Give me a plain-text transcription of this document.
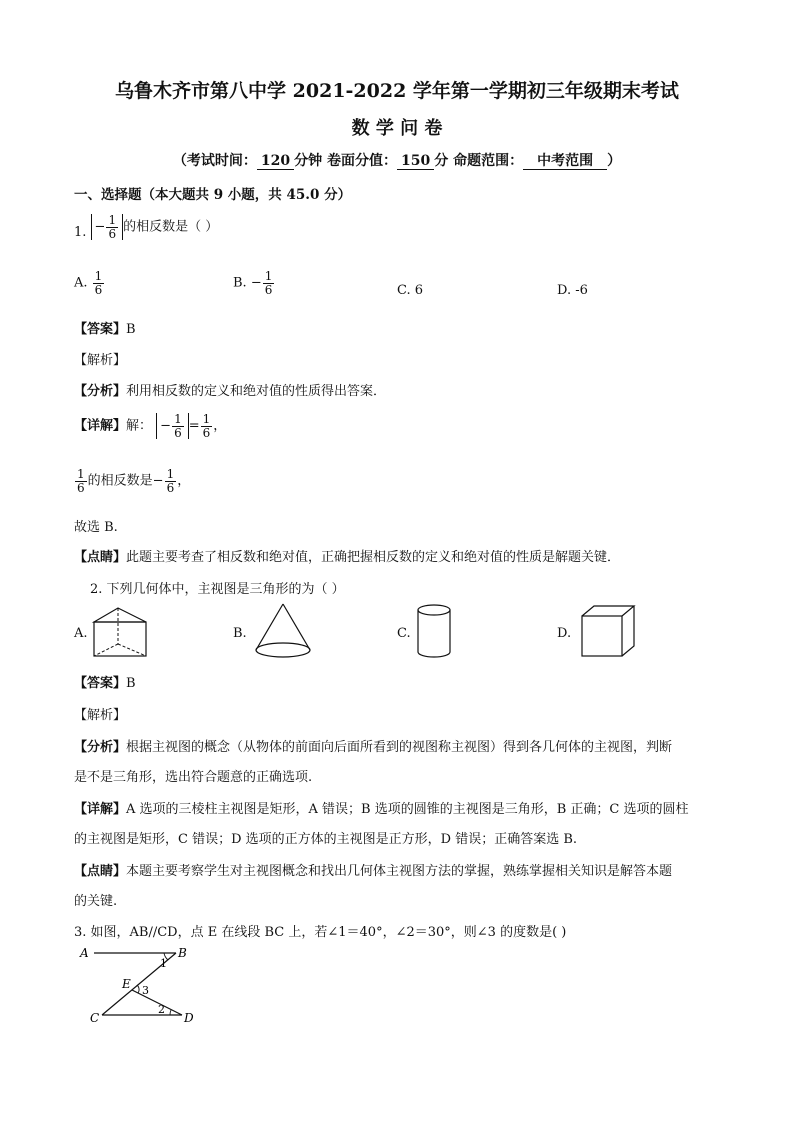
乌鲁木齐市第八中学 2021-2022 学年第一学期初三年级期末考试
数 学 问 卷
（考试时间： 120 分钟 卷面分值： 150 分 命题范围： 中考范围 ）
一、选择题（本大题共 9 小题，共 45.0 分）
1. − $\frac{1}{6}$ 的相反数是（ ）
A. $\frac{1}{6}$	B. − $\frac{1}{6}$	C. 6	D. -6
【答案】B
【解析】
【分析】利用相反数的定义和绝对值的性质得出答案．
【详解】解： − $\frac{1}{6} = \frac{1}{6}$ ，
$\frac{1}{6}$ 的相反数是− $\frac{1}{6}$ ，
故选 B.
【点睛】此题主要考查了相反数和绝对值，正确把握相反数的定义和绝对值的性质是解题关键．
2. 下列几何体中，主视图是三角形的为（ ）
A.	B.	C.	D.
【答案】B
【解析】
【分析】根据主视图的概念（从物体的前面向后面所看到的视图称主视图）得到各几何体的主视图，判断
是不是三角形，选出符合题意的正确选项.
【详解】A 选项的三棱柱主视图是矩形，A 错误；B 选项的圆锥的主视图是三角形，B 正确；C 选项的圆柱
的主视图是矩形，C 错误；D 选项的正方体的主视图是正方形，D 错误；正确答案选 B.
【点睛】本题主要考察学生对主视图概念和找出几何体主视图方法的掌握，熟练掌握相关知识是解答本题
的关键.
3. 如图，AB//CD，点 E 在线段 BC 上，若∠1＝40°，∠2＝30°，则∠3 的度数是( )
A	B
C	D
E
1
2
3
